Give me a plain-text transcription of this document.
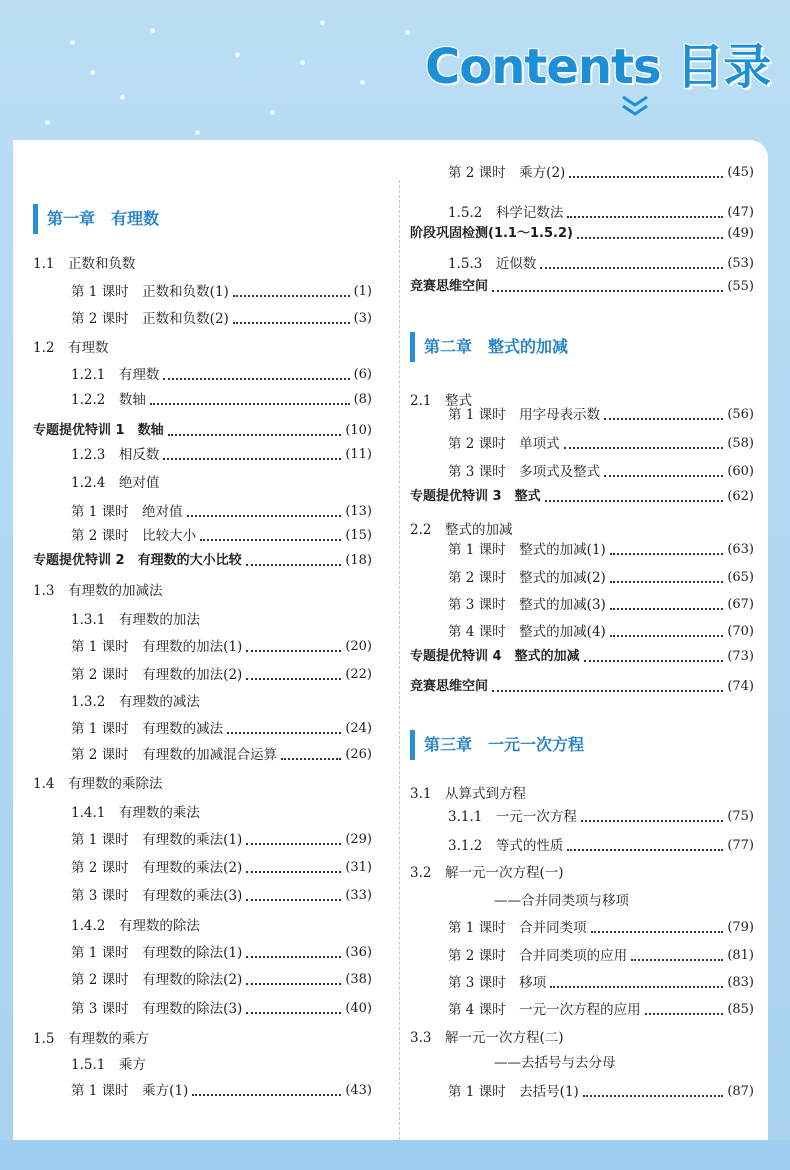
Contents 目录
第一章　有理数
1.1　正数和负数
第 1 课时　正数和负数(1)	(1)
第 2 课时　正数和负数(2)	(3)
1.2　有理数
1.2.1　有理数	(6)
1.2.2　数轴	(8)
专题提优特训 1　数轴	(10)
1.2.3　相反数	(11)
1.2.4　绝对值
第 1 课时　绝对值	(13)
第 2 课时　比较大小	(15)
专题提优特训 2　有理数的大小比较	(18)
1.3　有理数的加减法
1.3.1　有理数的加法
第 1 课时　有理数的加法(1)	(20)
第 2 课时　有理数的加法(2)	(22)
1.3.2　有理数的减法
第 1 课时　有理数的减法	(24)
第 2 课时　有理数的加减混合运算	(26)
1.4　有理数的乘除法
1.4.1　有理数的乘法
第 1 课时　有理数的乘法(1)	(29)
第 2 课时　有理数的乘法(2)	(31)
第 3 课时　有理数的乘法(3)	(33)
1.4.2　有理数的除法
第 1 课时　有理数的除法(1)	(36)
第 2 课时　有理数的除法(2)	(38)
第 3 课时　有理数的除法(3)	(40)
1.5　有理数的乘方
1.5.1　乘方
第 1 课时　乘方(1)	(43)
第 2 课时　乘方(2)	(45)
1.5.2　科学记数法	(47)
阶段巩固检测(1.1～1.5.2)	(49)
1.5.3　近似数	(53)
竞赛思维空间	(55)
第二章　整式的加减
2.1　整式
第 1 课时　用字母表示数	(56)
第 2 课时　单项式	(58)
第 3 课时　多项式及整式	(60)
专题提优特训 3　整式	(62)
2.2　整式的加减
第 1 课时　整式的加减(1)	(63)
第 2 课时　整式的加减(2)	(65)
第 3 课时　整式的加减(3)	(67)
第 4 课时　整式的加减(4)	(70)
专题提优特训 4　整式的加减	(73)
竞赛思维空间	(74)
第三章　一元一次方程
3.1　从算式到方程
3.1.1　一元一次方程	(75)
3.1.2　等式的性质	(77)
3.2　解一元一次方程(一)
——合并同类项与移项
第 1 课时　合并同类项	(79)
第 2 课时　合并同类项的应用	(81)
第 3 课时　移项	(83)
第 4 课时　一元一次方程的应用	(85)
3.3　解一元一次方程(二)
——去括号与去分母
第 1 课时　去括号(1)	(87)
